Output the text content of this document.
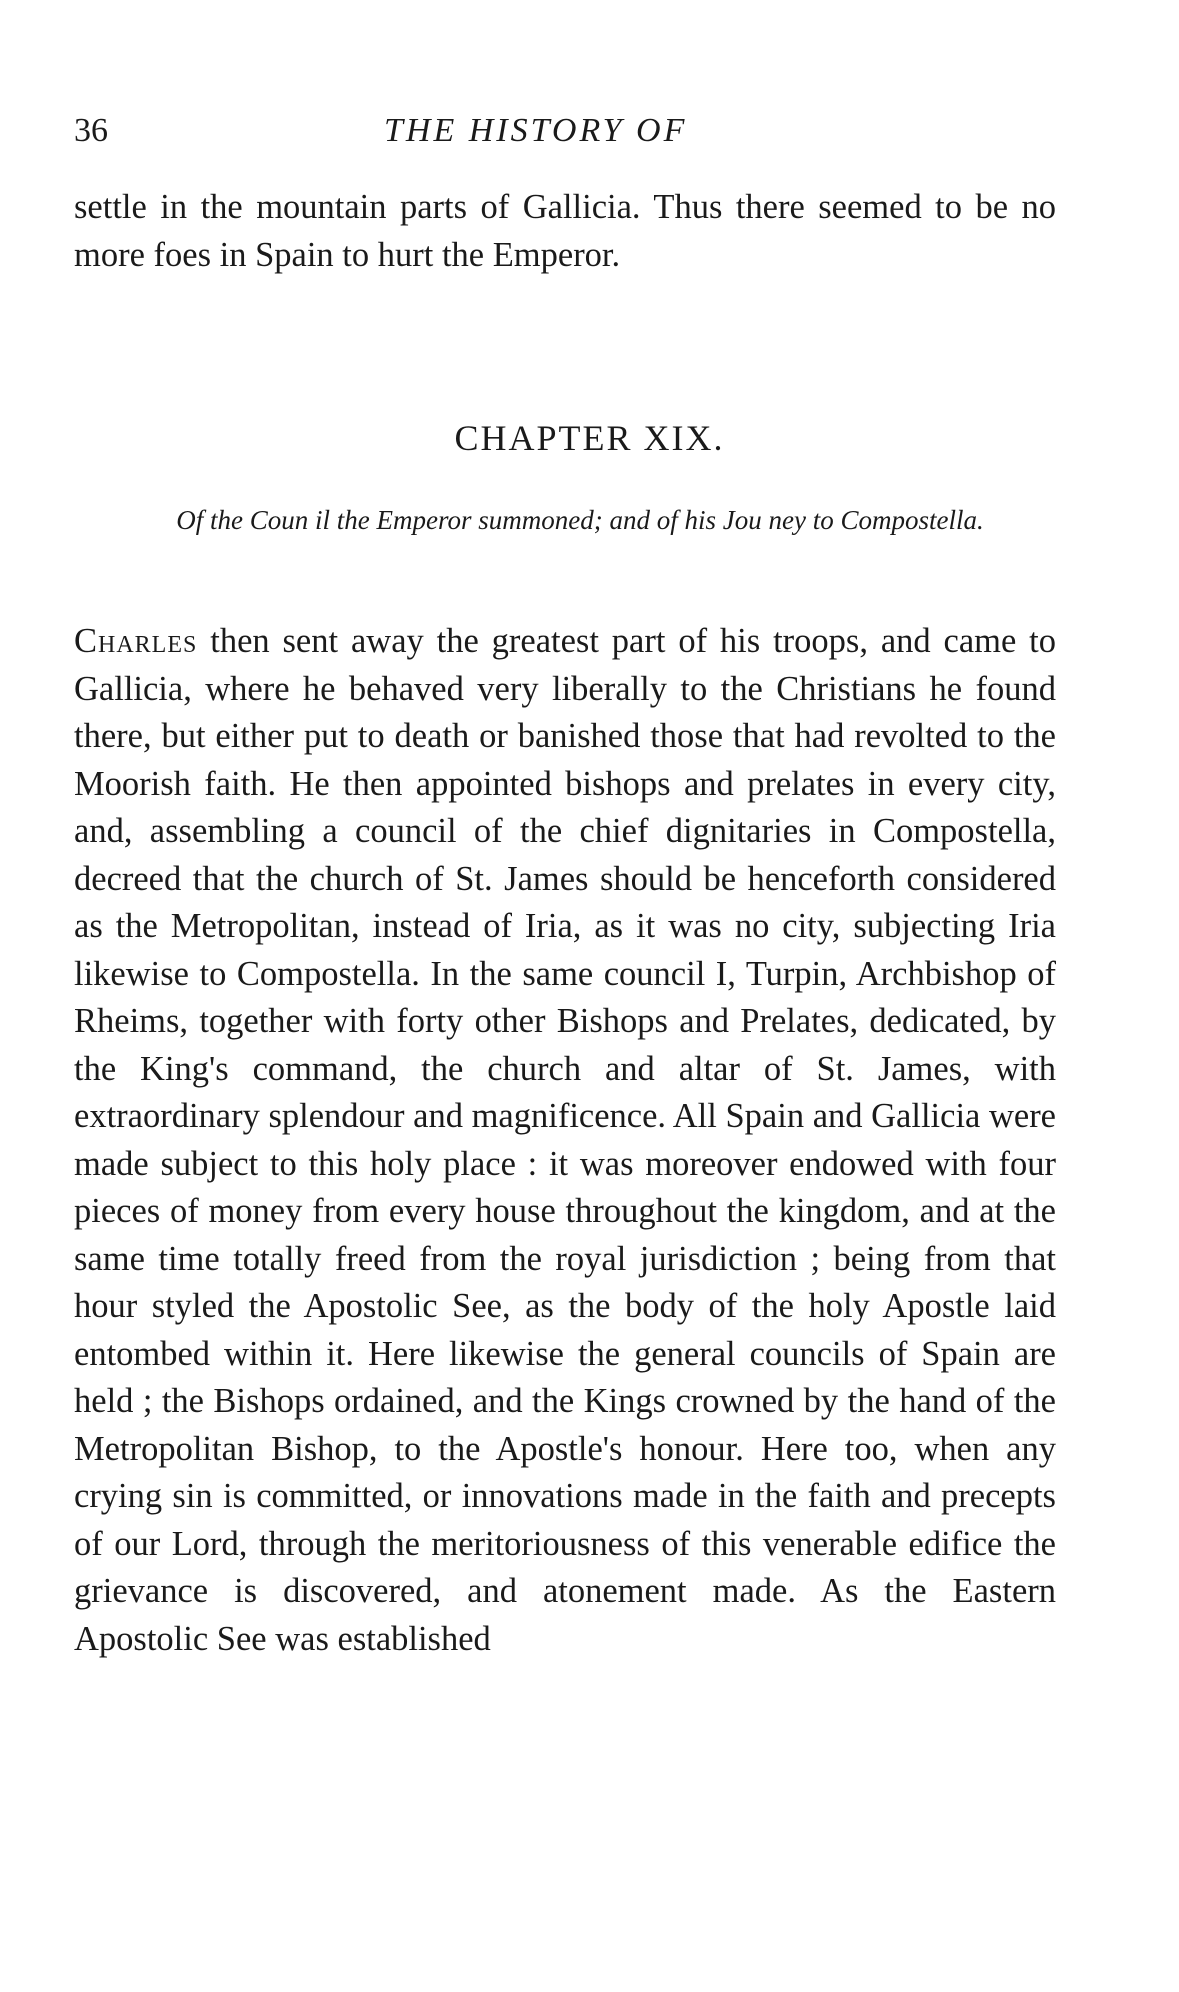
36	THE HISTORY OF

settle in the mountain parts of Gallicia. Thus there seemed to be no more foes in Spain to hurt the Emperor.

CHAPTER XIX.
Of the Coun il the Emperor summoned; and of his Jou ney to Compostella.

Charles then sent away the greatest part of his troops, and came to Gallicia, where he behaved very liberally to the Christians he found there, but either put to death or banished those that had revolted to the Moorish faith. He then appointed bishops and prelates in every city, and, assembling a council of the chief dignitaries in Compostella, decreed that the church of St. James should be henceforth considered as the Metropolitan, instead of Iria, as it was no city, subjecting Iria likewise to Compostella. In the same council I, Turpin, Archbishop of Rheims, together with forty other Bishops and Prelates, dedicated, by the King's command, the church and altar of St. James, with extraordinary splendour and magnificence. All Spain and Gallicia were made subject to this holy place : it was moreover endowed with four pieces of money from every house throughout the kingdom, and at the same time totally freed from the royal jurisdiction ; being from that hour styled the Apostolic See, as the body of the holy Apostle laid entombed within it. Here likewise the general councils of Spain are held ; the Bishops ordained, and the Kings crowned by the hand of the Metropolitan Bishop, to the Apostle's honour. Here too, when any crying sin is committed, or innovations made in the faith and precepts of our Lord, through the meritoriousness of this venerable edifice the grievance is discovered, and atonement made. As the Eastern Apostolic See was established
